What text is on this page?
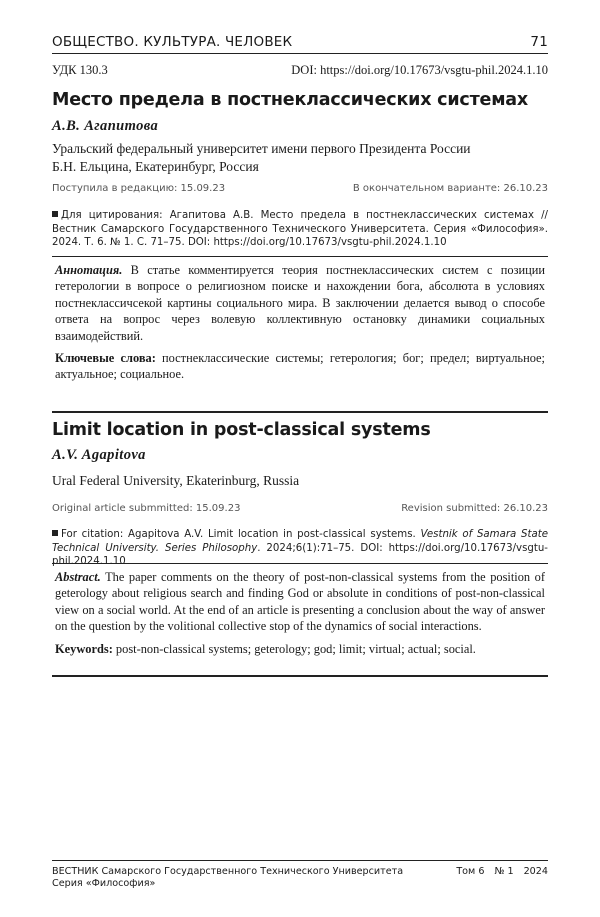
ОБЩЕСТВО. КУЛЬТУРА. ЧЕЛОВЕК	71
УДК 130.3	DOI: https://doi.org/10.17673/vsgtu-phil.2024.1.10
Место предела в постнеклассических системах
А.В. Агапитова
Уральский федеральный университет имени первого Президента России
Б.Н. Ельцина, Екатеринбург, Россия
Поступила в редакцию: 15.09.23	В окончательном варианте: 26.10.23
Для цитирования: Агапитова А.В. Место предела в постнеклассических системах // Вестник Самарского Государственного Технического Университета. Серия «Философия». 2024. Т. 6. № 1. С. 71–75. DOI: https://doi.org/10.17673/vsgtu-phil.2024.1.10

Аннотация. В статье комментируется теория постнеклассических систем с позиции гетерологии в вопросе о религиозном поиске и нахождении бога, абсолюта в условиях постнеклассичсекой картины социального мира. В заключении делается вывод о способе ответа на вопрос через волевую коллективную остановку динамики социальных взаимодействий.

Ключевые слова: постнеклассические системы; гетерология; бог; предел; виртуальное; актуальное; социальное.

Limit location in post-classical systems
A.V. Agapitova
Ural Federal University, Ekaterinburg, Russia
Original article submmitted: 15.09.23	Revision submitted: 26.10.23
For citation: Agapitova A.V. Limit location in post-classical systems. Vestnik of Samara State Technical University. Series Philosophy. 2024;6(1):71–75. DOI: https://doi.org/10.17673/vsgtu-phil.2024.1.10

Abstract. The paper comments on the theory of post-non-classical systems from the position of geterology about religious search and finding God or absolute in conditions of post-non-classical view on a social world. At the end of an article is presenting a conclusion about the way of answer on the question by the volitional collective stop of the dynamics of social interactions.

Keywords: post-non-classical systems; geterology; god; limit; virtual; actual; social.

ВЕСТНИК Самарского Государственного Технического Университета
Серия «Философия»
Том 6 № 1 2024
